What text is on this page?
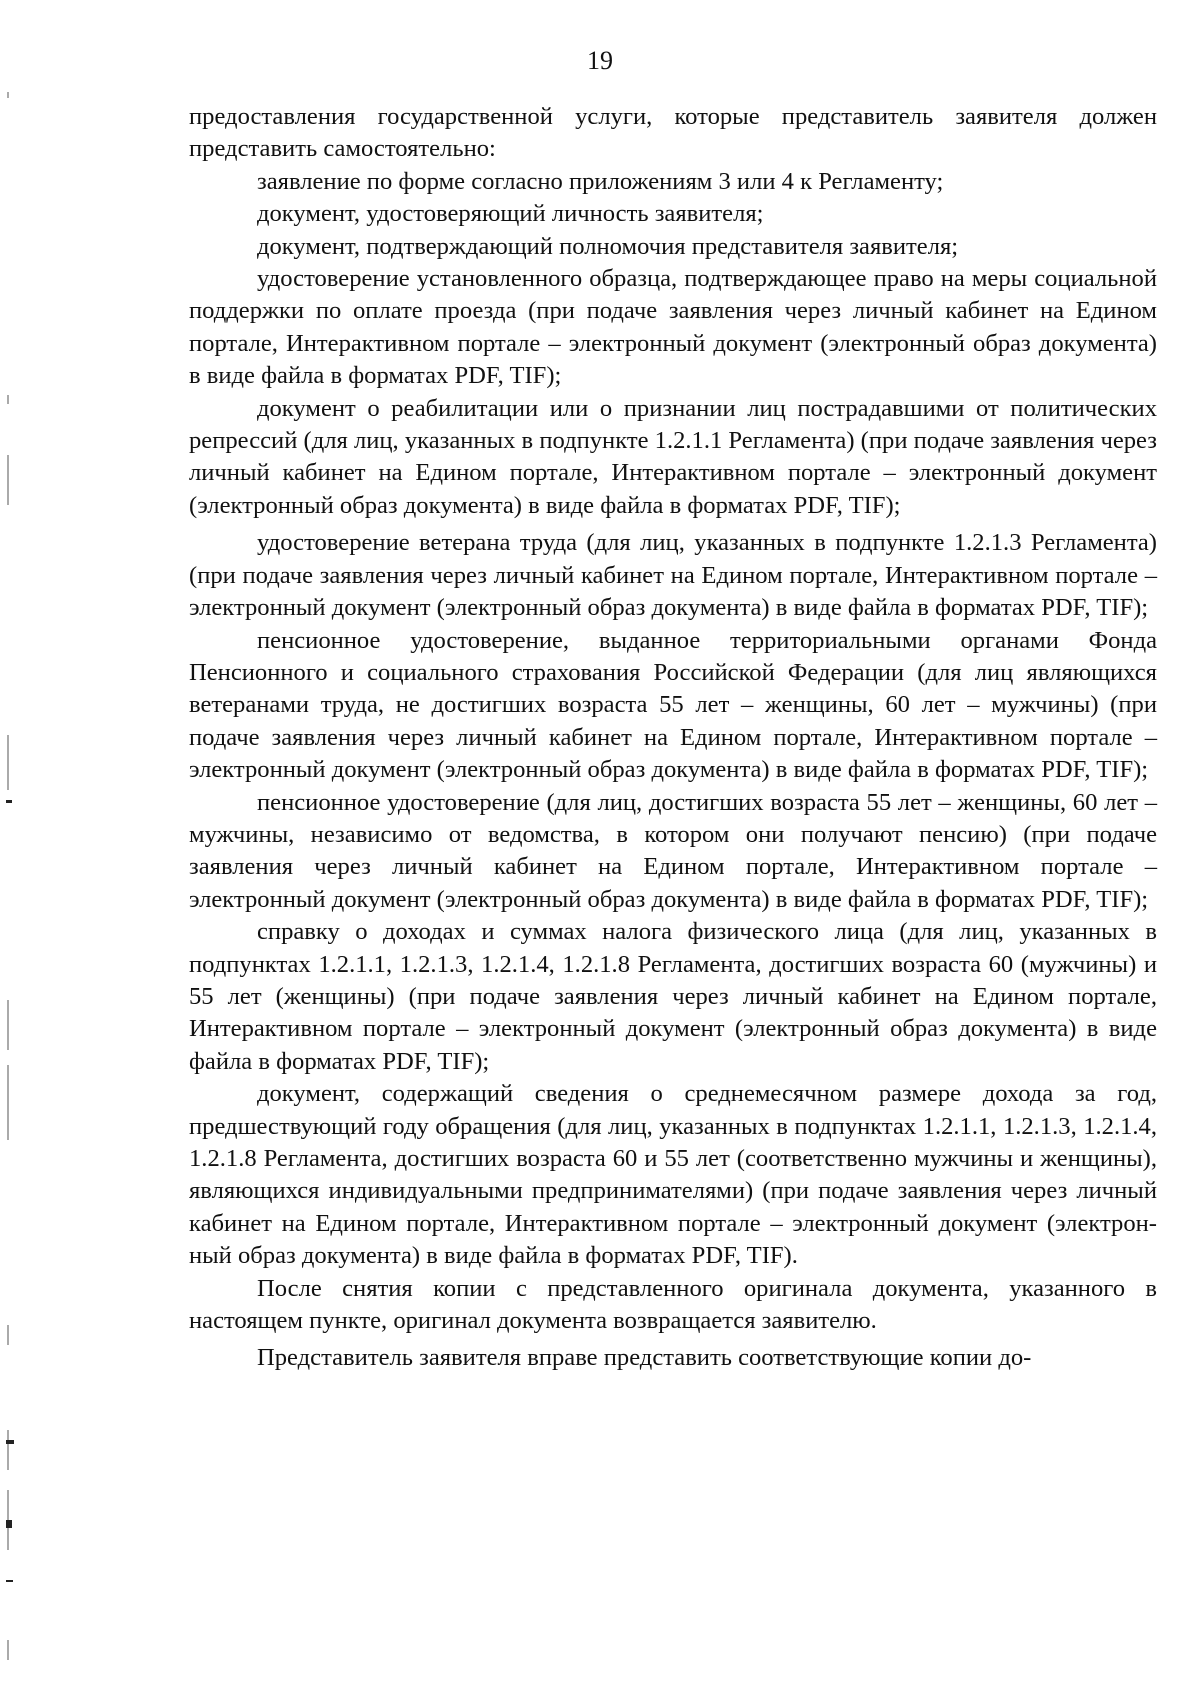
19

предоставления государственной услуги, которые представитель заявителя должен представить самостоятельно:

заявление по форме согласно приложениям 3 или 4 к Регламенту;

документ, удостоверяющий личность заявителя;

документ, подтверждающий полномочия представителя заявителя;

удостоверение установленного образца, подтверждающее право на меры социальной поддержки по оплате проезда (при подаче заявления через личный кабинет на Едином портале, Интерактивном портале – электронный документ (электронный образ документа) в виде файла в форматах PDF, TIF);

документ о реабилитации или о признании лиц пострадавшими от политических репрессий (для лиц, указанных в подпункте 1.2.1.1 Регламента) (при подаче заявления через личный кабинет на Едином портале, Интерактивном портале – электронный документ (электронный образ документа) в виде файла в форматах PDF, TIF);

удостоверение ветерана труда (для лиц, указанных в подпункте 1.2.1.3 Регламента) (при подаче заявления через личный кабинет на Едином портале, Интерактивном портале – электронный документ (электронный образ документа) в виде файла в форматах PDF, TIF);

пенсионное удостоверение, выданное территориальными органами Фонда Пенсионного и социального страхования Российской Федерации (для лиц являющихся ветеранами труда, не достигших возраста 55 лет – женщины, 60 лет – мужчины) (при подаче заявления через личный кабинет на Едином портале, Интерактивном портале – электронный документ (электронный образ документа) в виде файла в форматах PDF, TIF);

пенсионное удостоверение (для лиц, достигших возраста 55 лет – женщины, 60 лет – мужчины, независимо от ведомства, в котором они получают пенсию) (при подаче заявления через личный кабинет на Едином портале, Интерактивном портале – электронный документ (электронный образ документа) в виде файла в форматах PDF, TIF);

справку о доходах и суммах налога физического лица (для лиц, указанных в подпунктах 1.2.1.1, 1.2.1.3, 1.2.1.4, 1.2.1.8 Регламента, достигших возраста 60 (мужчины) и 55 лет (женщины) (при подаче заявления через личный кабинет на Едином портале, Интерактивном портале – электронный документ (электронный образ документа) в виде файла в форматах PDF, TIF);

документ, содержащий сведения о среднемесячном размере дохода за год, предшествующий году обращения (для лиц, указанных в подпунктах 1.2.1.1, 1.2.1.3, 1.2.1.4, 1.2.1.8 Регламента, достигших возраста 60 и 55 лет (соответственно мужчины и женщины), являющихся индивидуальными предпринимателями) (при подаче заявления через личный кабинет на Едином портале, Интерактивном портале – электронный документ (электронный образ документа) в виде файла в форматах PDF, TIF).

После снятия копии с представленного оригинала документа, указанного в настоящем пункте, оригинал документа возвращается заявителю.

Представитель заявителя вправе представить соответствующие копии до-
